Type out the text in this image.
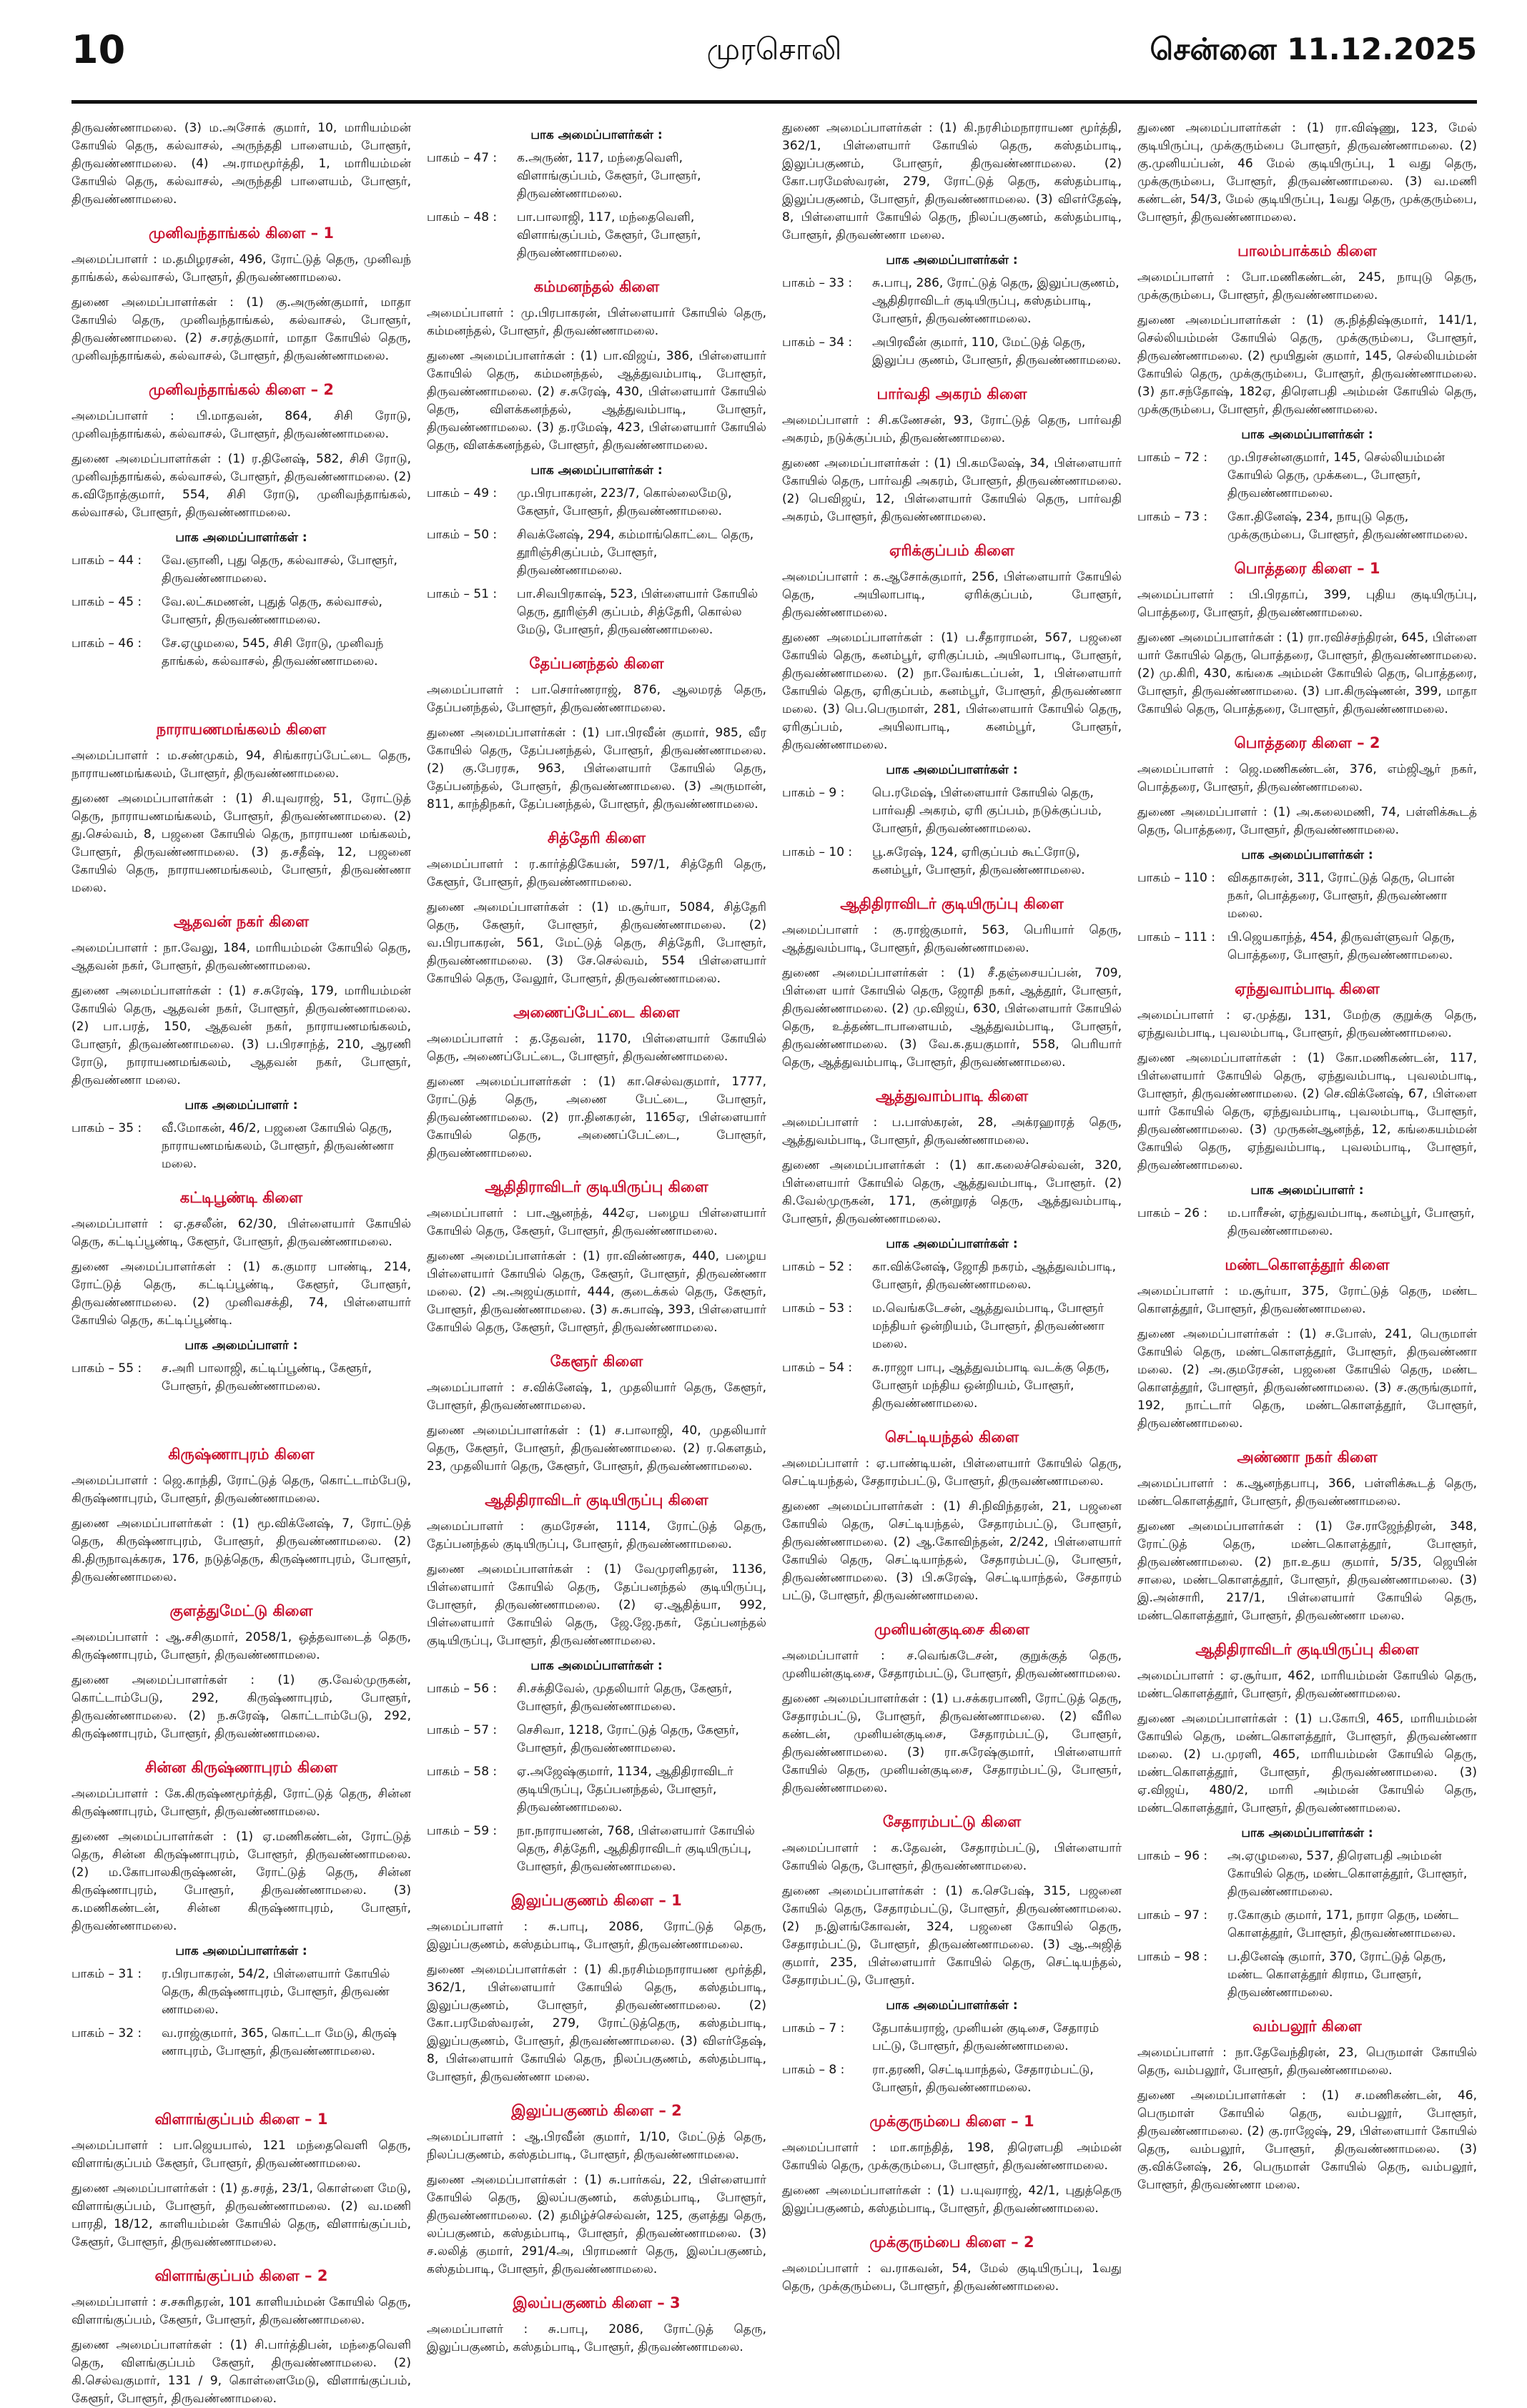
10	முரசொலி	சென்னை 11.12.2025

திருவண்ணாமலை. (3) ம.அசோக் குமார், 10, மாரியம்மன் கோயில் தெரு, கல்வாசல், அருந்ததி பாளையம், போளூர், திருவண்ணாமலை. (4) அ.ராமமூர்த்தி, 1, மாரியம்மன் கோயில் தெரு, கல்வாசல், அருந்ததி பாளையம், போளூர், திருவண்ணாமலை.

முனிவந்தாங்கல் கிளை – 1

அமைப்பாளர் : ம.தமிழரசன், 496, ரோட்டுத் தெரு, முனிவந் தாங்கல், கல்வாசல், போளூர், திருவண்ணாமலை.

துணை அமைப்பாளர்கள் : (1) கு.அருண்குமார், மாதா கோயில் தெரு, முனிவந்தாங்கல், கல்வாசல், போளூர், திருவண்ணாமலை. (2) ச.சரத்குமார், மாதா கோயில் தெரு, முனிவந்தாங்கல், கல்வாசல், போளூர், திருவண்ணாமலை.

முனிவந்தாங்கல் கிளை – 2

அமைப்பாளர் : பி.மாதவன், 864, சிசி ரோடு, முனிவந்தாங்கல், கல்வாசல், போளூர், திருவண்ணாமலை.

துணை அமைப்பாளர்கள் : (1) ர.தினேஷ், 582, சிசி ரோடு, முனிவந்தாங்கல், கல்வாசல், போளூர், திருவண்ணாமலை. (2) க.விநோத்குமார், 554, சிசி ரோடு, முனிவந்தாங்கல், கல்வாசல், போளூர், திருவண்ணாமலை.

பாக அமைப்பாளர்கள் :
பாகம் – 44 :	வே.ஞானி, புது தெரு, கல்வாசல், போளூர், திருவண்ணாமலை.
பாகம் – 45 :	வே.லட்சுமணன், புதுத் தெரு, கல்வாசல், போளூர், திருவண்ணாமலை.
பாகம் – 46 :	சே.ஏழுமலை, 545, சிசி ரோடு, முனிவந் தாங்கல், கல்வாசல், திருவண்ணாமலை.
நாராயணமங்கலம் கிளை

அமைப்பாளர் : ம.சண்முகம், 94, சிங்காரப்பேட்டை தெரு, நாராயணமங்கலம், போளூர், திருவண்ணாமலை.

துணை அமைப்பாளர்கள் : (1) சி.யுவராஜ், 51, ரோட்டுத் தெரு, நாராயணமங்கலம், போளூர், திருவண்ணாமலை. (2) து.செல்வம், 8, பஜனை கோயில் தெரு, நாராயண மங்கலம், போளூர், திருவண்ணாமலை. (3) த.சதீஷ், 12, பஜனை கோயில் தெரு, நாராயணமங்கலம், போளூர், திருவண்ணா மலை.

ஆதவன் நகர் கிளை

அமைப்பாளர் : நா.வேலு, 184, மாரியம்மன் கோயில் தெரு, ஆதவன் நகர், போளூர், திருவண்ணாமலை.

துணை அமைப்பாளர்கள் : (1) ச.சுரேஷ், 179, மாரியம்மன் கோயில் தெரு, ஆதவன் நகர், போளூர், திருவண்ணாமலை. (2) பா.பரத், 150, ஆதவன் நகர், நாராயணமங்கலம், போளூர், திருவண்ணாமலை. (3) ப.பிரசாந்த், 210, ஆரணி ரோடு, நாராயணமங்கலம், ஆதவன் நகர், போளூர், திருவண்ணா மலை.

பாக அமைப்பாளர் :
பாகம் – 35 :	வீ.மோகன், 46/2, பஜனை கோயில் தெரு, நாராயணமங்கலம், போளூர், திருவண்ணா மலை.
கட்டிபூண்டி கிளை

அமைப்பாளர் : ஏ.தசலீன், 62/30, பிள்ளையார் கோயில் தெரு, கட்டிப்பூண்டி, கேளூர், போளூர், திருவண்ணாமலை.

துணை அமைப்பாளர்கள் : (1) க.குமார பாண்டி, 214, ரோட்டுத் தெரு, கட்டிப்பூண்டி, கேளூர், போளூர், திருவண்ணாமலை. (2) முனிவசக்தி, 74, பிள்ளையார் கோயில் தெரு, கட்டிப்பூண்டி.

பாக அமைப்பாளர் :
பாகம் – 55 :	ச.அரி பாலாஜி, கட்டிப்பூண்டி, கேளூர், போளூர், திருவண்ணாமலை.
கிருஷ்ணாபுரம் கிளை

அமைப்பாளர் : ஜெ.காந்தி, ரோட்டுத் தெரு, கொட்டாம்பேடு, கிருஷ்ணாபுரம், போளூர், திருவண்ணாமலை.

துணை அமைப்பாளர்கள் : (1) மூ.விக்னேஷ், 7, ரோட்டுத் தெரு, கிருஷ்ணாபுரம், போளூர், திருவண்ணாமலை. (2) கி.திருநாவுக்கரசு, 176, நடுத்தெரு, கிருஷ்ணாபுரம், போளூர், திருவண்ணாமலை.

குளத்துமேட்டு கிளை

அமைப்பாளர் : ஆ.சசிகுமார், 2058/1, ஒத்தவாடைத் தெரு, கிருஷ்ணாபுரம், போளூர், திருவண்ணாமலை.

துணை அமைப்பாளர்கள் : (1) கு.வேல்முருகன், கொட்டாம்பேடு, 292, கிருஷ்ணாபுரம், போளூர், திருவண்ணாமலை. (2) ந.சுரேஷ், கொட்டாம்பேடு, 292, கிருஷ்ணாபுரம், போளூர், திருவண்ணாமலை.

சின்ன கிருஷ்ணாபுரம் கிளை

அமைப்பாளர் : கே.கிருஷ்ணமூர்த்தி, ரோட்டுத் தெரு, சின்ன கிருஷ்ணாபுரம், போளூர், திருவண்ணாமலை.

துணை அமைப்பாளர்கள் : (1) ஏ.மணிகண்டன், ரோட்டுத் தெரு, சின்ன கிருஷ்ணாபுரம், போளூர், திருவண்ணாமலை. (2) ம.கோபாலகிருஷ்ணன், ரோட்டுத் தெரு, சின்ன கிருஷ்ணாபுரம், போளூர், திருவண்ணாமலை. (3) க.மணிகண்டன், சின்ன கிருஷ்ணாபுரம், போளூர், திருவண்ணாமலை.

பாக அமைப்பாளர்கள் :
பாகம் – 31 :	ர.பிரபாகரன், 54/2, பிள்ளையார் கோயில் தெரு, கிருஷ்ணாபுரம், போளூர், திருவண் ணாமலை.
பாகம் – 32 :	வ.ராஜ்குமார், 365, கொட்டா மேடு, கிருஷ் ணாபுரம், போளூர், திருவண்ணாமலை.
விளாங்குப்பம் கிளை – 1

அமைப்பாளர் : பா.ஜெயபால், 121 மந்தைவெளி தெரு, விளாங்குப்பம் கேளூர், போளூர், திருவண்ணாமலை.

துணை அமைப்பாளர்கள் : (1) த.சரத், 23/1, கொள்ளை மேடு, விளாங்குப்பம், போளூர், திருவண்ணாமலை. (2) வ.மணி பாரதி, 18/12, காளியம்மன் கோயில் தெரு, விளாங்குப்பம், கேளூர், போளூர், திருவண்ணாமலை.

விளாங்குப்பம் கிளை – 2

அமைப்பாளர் : ச.சசுரிதரன், 101 காளியம்மன் கோயில் தெரு, விளாங்குப்பம், கேளூர், போளூர், திருவண்ணாமலை.

துணை அமைப்பாளர்கள் : (1) சி.பார்த்திபன், மந்தைவெளி தெரு, விளங்குப்பம் கேளூர், திருவண்ணாமலை. (2) கி.செல்வகுமார், 131 / 9, கொள்ளைமேடு, விளாங்குப்பம், கேளூர், போளூர், திருவண்ணாமலை.

பாக அமைப்பாளர்கள் :
பாகம் – 47 :	க.அருண், 117, மந்தைவெளி, விளாங்குப்பம், கேளூர், போளூர், திருவண்ணாமலை.
பாகம் – 48 :	பா.பாலாஜி, 117, மந்தைவெளி, விளாங்குப்பம், கேளூர், போளூர், திருவண்ணாமலை.
கம்மனந்தல் கிளை

அமைப்பாளர் : மு.பிரபாகரன், பிள்ளையார் கோயில் தெரு, கம்மனந்தல், போளூர், திருவண்ணாமலை.

துணை அமைப்பாளர்கள் : (1) பா.விஜய், 386, பிள்ளையார் கோயில் தெரு, கம்மனந்தல், ஆத்துவம்பாடி, போளூர், திருவண்ணாமலை. (2) ச.சுரேஷ், 430, பிள்ளையார் கோயில் தெரு, விளக்கனந்தல், ஆத்துவம்பாடி, போளூர், திருவண்ணாமலை. (3) த.ரமேஷ், 423, பிள்ளையார் கோயில் தெரு, விளக்கனந்தல், போளூர், திருவண்ணாமலை.

பாக அமைப்பாளர்கள் :
பாகம் – 49 :	மு.பிரபாகரன், 223/7, கொல்லைமேடு, கேளூர், போளூர், திருவண்ணாமலை.
பாகம் – 50 :	சிவக்னேஷ், 294, கம்மாங்கொட்டை தெரு, தூரிஞ்சிகுப்பம், போளூர், திருவண்ணாமலை.
பாகம் – 51 :	பா.சிவபிரகாஷ், 523, பிள்ளையார் கோயில் தெரு, தூரிஞ்சி குப்பம், சித்தேரி, கொல்ல மேடு, போளூர், திருவண்ணாமலை.
தேப்பனந்தல் கிளை

அமைப்பாளர் : பா.சொர்ணராஜ், 876, ஆலமரத் தெரு, தேப்பனந்தல், போளூர், திருவண்ணாமலை.

துணை அமைப்பாளர்கள் : (1) பா.பிரவீன் குமார், 985, வீர கோயில் தெரு, தேப்பனந்தல், போளூர், திருவண்ணாமலை. (2) கு.பேரரசு, 963, பிள்ளையார் கோயில் தெரு, தேப்பனந்தல், போளூர், திருவண்ணாமலை. (3) அருமான், 811, காந்திநகர், தேப்பனந்தல், போளூர், திருவண்ணாமலை.

சித்தேரி கிளை

அமைப்பாளர் : ர.கார்த்திகேயன், 597/1, சித்தேரி தெரு, கேளூர், போளூர், திருவண்ணாமலை.

துணை அமைப்பாளர்கள் : (1) ம.சூர்யா, 5084, சித்தேரி தெரு, கேளூர், போளூர், திருவண்ணாமலை. (2) வ.பிரபாகரன், 561, மேட்டுத் தெரு, சித்தேரி, போளூர், திருவண்ணாமலை. (3) சே.செல்வம், 554 பிள்ளையார் கோயில் தெரு, வேலூர், போளூர், திருவண்ணாமலை.

அணைப்பேட்டை கிளை

அமைப்பாளர் : த.தேவன், 1170, பிள்ளையார் கோயில் தெரு, அணைப்பேட்டை, போளூர், திருவண்ணாமலை.

துணை அமைப்பாளர்கள் : (1) கா.செல்வகுமார், 1777, ரோட்டுத் தெரு, அணை பேட்டை, போளூர், திருவண்ணாமலை. (2) ரா.தினகரன், 1165ஏ, பிள்ளையார் கோயில் தெரு, அணைப்பேட்டை, போளூர், திருவண்ணாமலை.

ஆதிதிராவிடர் குடியிருப்பு கிளை

அமைப்பாளர் : பா.ஆனந்த், 442ஏ, பழைய பிள்ளையார் கோயில் தெரு, கேளூர், போளூர், திருவண்ணாமலை.

துணை அமைப்பாளர்கள் : (1) ரா.விண்ணரசு, 440, பழைய பிள்ளையார் கோயில் தெரு, கேளூர், போளூர், திருவண்ணா மலை. (2) அ.அஜய்குமார், 444, குடைக்கல் தெரு, கேளூர், போளூர், திருவண்ணாமலை. (3) சு.சுபாஷ், 393, பிள்ளையார் கோயில் தெரு, கேளூர், போளூர், திருவண்ணாமலை.

கேளூர் கிளை

அமைப்பாளர் : ச.விக்னேஷ், 1, முதலியார் தெரு, கேளூர், போளூர், திருவண்ணாமலை.

துணை அமைப்பாளர்கள் : (1) ச.பாலாஜி, 40, முதலியார் தெரு, கேளூர், போளூர், திருவண்ணாமலை. (2) ர.கௌதம், 23, முதலியார் தெரு, கேளூர், போளூர், திருவண்ணாமலை.

ஆதிதிராவிடர் குடியிருப்பு கிளை

அமைப்பாளர் : குமரேசன், 1114, ரோட்டுத் தெரு, தேப்பனந்தல் குடியிருப்பு, போளூர், திருவண்ணாமலை.

துணை அமைப்பாளர்கள் : (1) வேமுரளிதரன், 1136, பிள்ளையார் கோயில் தெரு, தேப்பனந்தல் குடியிருப்பு, போளூர், திருவண்ணாமலை. (2) ஏ.ஆதித்யா, 992, பிள்ளையார் கோயில் தெரு, ஜே.ஜே.நகர், தேப்பனந்தல் குடியிருப்பு, போளூர், திருவண்ணாமலை.

பாக அமைப்பாளர்கள் :
பாகம் – 56 :	சி.சக்திவேல், முதலியார் தெரு, கேளூர், போளூர், திருவண்ணாமலை.
பாகம் – 57 :	செசிவா, 1218, ரோட்டுத் தெரு, கேளூர், போளூர், திருவண்ணாமலை.
பாகம் – 58 :	ஏ.அஜேஷ்குமார், 1134, ஆதிதிராவிடர் குடியிருப்பு, தேப்பனந்தல், போளூர், திருவண்ணாமலை.
பாகம் – 59 :	நா.நாராயணன், 768, பிள்ளையார் கோயில் தெரு, சித்தேரி, ஆதிதிராவிடர் குடியிருப்பு, போளூர், திருவண்ணாமலை.
இலுப்பகுணம் கிளை – 1

அமைப்பாளர் : சு.பாபு, 2086, ரோட்டுத் தெரு, இலுப்பகுணம், கஸ்தம்பாடி, போளூர், திருவண்ணாமலை.

துணை அமைப்பாளர்கள் : (1) கி.நரசிம்மநாராயண மூர்த்தி, 362/1, பிள்ளையார் கோயில் தெரு, கஸ்தம்பாடி, இலுப்பகுணம், போளூர், திருவண்ணாமலை. (2) கோ.பரமேஸ்வரன், 279, ரோட்டுத்தெரு, கஸ்தம்பாடி, இலுப்பகுணம், போளூர், திருவண்ணாமலை. (3) விஎர்தேஷ், 8, பிள்ளையார் கோயில் தெரு, நிலப்பகுணம், கஸ்தம்பாடி, போளூர், திருவண்ணா மலை.

இலுப்பகுணம் கிளை – 2

அமைப்பாளர் : ஆ.பிரவீன் குமார், 1/10, மேட்டுத் தெரு, நிலப்பகுணம், கஸ்தம்பாடி, போளூர், திருவண்ணாமலை.

துணை அமைப்பாளர்கள் : (1) சு.பார்கவ், 22, பிள்ளையார் கோயில் தெரு, இலப்பகுணம், கஸ்தம்பாடி, போளூர், திருவண்ணாமலை. (2) தமிழ்ச்செல்வன், 125, குளத்து தெரு, லப்பகுணம், கஸ்தம்பாடி, போளூர், திருவண்ணாமலை. (3) ச.லலித் குமார், 291/4அ, பிராமணர் தெரு, இலப்பகுணம், கஸ்தம்பாடி, போளூர், திருவண்ணாமலை.

இலப்பகுணம் கிளை – 3

அமைப்பாளர் : சு.பாபு, 2086, ரோட்டுத் தெரு, இலுப்பகுணம், கஸ்தம்பாடி, போளூர், திருவண்ணாமலை.

துணை அமைப்பாளர்கள் : (1) கி.நரசிம்மநாராயண மூர்த்தி, 362/1, பிள்ளையார் கோயில் தெரு, கஸ்தம்பாடி, இலுப்பகுணம், போளூர், திருவண்ணாமலை. (2) கோ.பரமேஸ்வரன், 279, ரோட்டுத் தெரு, கஸ்தம்பாடி, இலுப்பகுணம், போளூர், திருவண்ணாமலை. (3) விஎர்தேஷ், 8, பிள்ளையார் கோயில் தெரு, நிலப்பகுணம், கஸ்தம்பாடி, போளூர், திருவண்ணா மலை.

பாக அமைப்பாளர்கள் :
பாகம் – 33 :	சு.பாபு, 286, ரோட்டுத் தெரு, இலுப்பகுணம், ஆதிதிராவிடர் குடியிருப்பு, கஸ்தம்பாடி, போளூர், திருவண்ணாமலை.
பாகம் – 34 :	அபிரவீன் குமார், 110, மேட்டுத் தெரு, இலுப்ப குணம், போளூர், திருவண்ணாமலை.
பார்வதி அகரம் கிளை

அமைப்பாளர் : சி.கணேசன், 93, ரோட்டுத் தெரு, பார்வதி அகரம், நடுக்குப்பம், திருவண்ணாமலை.

துணை அமைப்பாளர்கள் : (1) பி.கமலேஷ், 34, பிள்ளையார் கோயில் தெரு, பார்வதி அகரம், போளூர், திருவண்ணாமலை. (2) பெவிஜய், 12, பிள்ளையார் கோயில் தெரு, பார்வதி அகரம், போளூர், திருவண்ணாமலை.

ஏரிக்குப்பம் கிளை

அமைப்பாளர் : க.ஆசோக்குமார், 256, பிள்ளையார் கோயில் தெரு, அயிலாபாடி, ஏரிக்குப்பம், போளூர், திருவண்ணாமலை.

துணை அமைப்பாளர்கள் : (1) ப.சீதாராமன், 567, பஜனை கோயில் தெரு, கனம்பூர், ஏரிகுப்பம், அயிலாபாடி, போளூர், திருவண்ணாமலை. (2) நா.வேங்கடப்பன், 1, பிள்ளையார் கோயில் தெரு, ஏரிகுப்பம், கனம்பூர், போளூர், திருவண்ணா மலை. (3) பெ.பெருமாள், 281, பிள்ளையார் கோயில் தெரு, ஏரிகுப்பம், அயிலாபாடி, கனம்பூர், போளூர், திருவண்ணாமலை.

பாக அமைப்பாளர்கள் :
பாகம் – 9 :	பெ.ரமேஷ், பிள்ளையார் கோயில் தெரு, பார்வதி அகரம், ஏரி குப்பம், நடுக்குப்பம், போளூர், திருவண்ணாமலை.
பாகம் – 10 :	பூ.சுரேஷ், 124, ஏரிகுப்பம் கூட்ரோடு, கனம்பூர், போளூர், திருவண்ணாமலை.
ஆதிதிராவிடர் குடியிருப்பு கிளை

அமைப்பாளர் : கு.ராஜ்குமார், 563, பெரியார் தெரு, ஆத்துவம்பாடி, போளூர், திருவண்ணாமலை.

துணை அமைப்பாளர்கள் : (1) சீ.தஞ்சையப்பன், 709, பிள்ளை யார் கோயில் தெரு, ஜோதி நகர், ஆத்தூர், போளூர், திருவண்ணாமலை. (2) மு.விஜய், 630, பிள்ளையார் கோயில் தெரு, உத்தண்டாபாளையம், ஆத்துவம்பாடி, போளூர், திருவண்ணாமலை. (3) வே.க.தயகுமார், 558, பெரியார் தெரு, ஆத்துவம்பாடி, போளூர், திருவண்ணாமலை.

ஆத்துவாம்பாடி கிளை

அமைப்பாளர் : ப.பாஸ்கரன், 28, அக்ரஹாரத் தெரு, ஆத்துவம்பாடி, போளூர், திருவண்ணாமலை.

துணை அமைப்பாளர்கள் : (1) கா.கலைச்செல்வன், 320, பிள்ளையார் கோயில் தெரு, ஆத்துவம்பாடி, போளூர். (2) கி.வேல்முருகன், 171, குன்றுரத் தெரு, ஆத்துவம்பாடி, போளூர், திருவண்ணாமலை.

பாக அமைப்பாளர்கள் :
பாகம் – 52 :	கா.விக்னேஷ், ஜோதி நகரம், ஆத்துவம்பாடி, போளூர், திருவண்ணாமலை.
பாகம் – 53 :	ம.வெங்கடேசன், ஆத்துவம்பாடி, போளூர் மந்தியர் ஒன்றியம், போளூர், திருவண்ணா மலை.
பாகம் – 54 :	சு.ராஜா பாபு, ஆத்துவம்பாடி வடக்கு தெரு, போளூர் மந்திய ஒன்றியம், போளூர், திருவண்ணாமலை.
செட்டியந்தல் கிளை

அமைப்பாளர் : ஏ.பாண்டியன், பிள்ளையார் கோயில் தெரு, செட்டியந்தல், சேதாரம்பட்டு, போளூர், திருவண்ணாமலை.

துணை அமைப்பாளர்கள் : (1) சி.நிவிந்தரன், 21, பஜனை கோயில் தெரு, செட்டியந்தல், சேதாரம்பட்டு, போளூர், திருவண்ணாமலை. (2) ஆ.கோவிந்தன், 2/242, பிள்ளையார் கோயில் தெரு, செட்டியாந்தல், சேதாரம்பட்டு, போளூர், திருவண்ணாமலை. (3) பி.சுரேஷ், செட்டியாந்தல், சேதாரம் பட்டு, போளூர், திருவண்ணாமலை.

முனியன்குடிசை கிளை

அமைப்பாளர் : ச.வெங்கடேசன், குறுக்குத் தெரு, முனியன்குடிசை, சேதாரம்பட்டு, போளூர், திருவண்ணாமலை.

துணை அமைப்பாளர்கள் : (1) ப.சக்கரபாணி, ரோட்டுத் தெரு, சேதாரம்பட்டு, போளூர், திருவண்ணாமலை. (2) வீரில கண்டன், முனியன்குடிசை, சேதாரம்பட்டு, போளூர், திருவண்ணாமலை. (3) ரா.சுரேஷ்குமார், பிள்ளையார் கோயில் தெரு, முனியன்குடிசை, சேதாரம்பட்டு, போளூர், திருவண்ணாமலை.

சேதாரம்பட்டு கிளை

அமைப்பாளர் : க.தேவன், சேதாரம்பட்டு, பிள்ளையார் கோயில் தெரு, போளூர், திருவண்ணாமலை.

துணை அமைப்பாளர்கள் : (1) க.செபேஷ், 315, பஜனை கோயில் தெரு, சேதாரம்பட்டு, போளூர், திருவண்ணாமலை. (2) ந.இளங்கோவன், 324, பஜனை கோயில் தெரு, சேதாரம்பட்டு, போளூர், திருவண்ணாமலை. (3) ஆ.அஜித் குமார், 235, பிள்ளையார் கோயில் தெரு, செட்டியந்தல், சேதாரம்பட்டு, போளூர்.

பாக அமைப்பாளர்கள் :
பாகம் – 7 :	தேபாக்யராஜ், முனியன் குடிசை, சேதாரம் பட்டு, போளூர், திருவண்ணாமலை.
பாகம் – 8 :	ரா.தரணி, செட்டியாந்தல், சேதாரம்பட்டு, போளூர், திருவண்ணாமலை.
முக்குரும்பை கிளை – 1

அமைப்பாளர் : மா.காந்தித், 198, திரௌபதி அம்மன் கோயில் தெரு, முக்குரும்பை, போளூர், திருவண்ணாமலை.

துணை அமைப்பாளர்கள் : (1) ப.யுவராஜ், 42/1, புதுத்தெரு இலுப்பகுணம், கஸ்தம்பாடி, போளூர், திருவண்ணாமலை.

முக்குரும்பை கிளை – 2

அமைப்பாளர் : வ.ராகவன், 54, மேல் குடியிருப்பு, 1வது தெரு, முக்குரும்பை, போளூர், திருவண்ணாமலை.

துணை அமைப்பாளர்கள் : (1) ரா.விஷ்ணு, 123, மேல் குடியிருப்பு, முக்குரும்பை போளூர், திருவண்ணாமலை. (2) கு.முனியப்பன், 46 மேல் குடியிருப்பு, 1 வது தெரு, முக்குரும்பை, போளூர், திருவண்ணாமலை. (3) வ.மணி கண்டன், 54/3, மேல் குடியிருப்பு, 1வது தெரு, முக்குரும்பை, போளூர், திருவண்ணாமலை.

பாலம்பாக்கம் கிளை

அமைப்பாளர் : போ.மணிகண்டன், 245, நாயுடு தெரு, முக்குரும்பை, போளூர், திருவண்ணாமலை.

துணை அமைப்பாளர்கள் : (1) கு.நித்திஷ்குமார், 141/1, செல்லியம்மன் கோயில் தெரு, முக்குரும்பை, போளூர், திருவண்ணாமலை. (2) மூயிதுன் குமார், 145, செல்லியம்மன் கோயில் தெரு, முக்குரும்பை, போளூர், திருவண்ணாமலை. (3) தா.சந்தோஷ், 182ஏ, திரௌபதி அம்மன் கோயில் தெரு, முக்குரும்பை, போளூர், திருவண்ணாமலை.

பாக அமைப்பாளர்கள் :
பாகம் – 72 :	மு.பிரசன்னகுமார், 145, செல்லியம்மன் கோயில் தெரு, முக்கடை, போளூர், திருவண்ணாமலை.
பாகம் – 73 :	கோ.தினேஷ், 234, நாயுடு தெரு, முக்குரும்பை, போளூர், திருவண்ணாமலை.
பொத்தரை கிளை – 1

அமைப்பாளர் : பி.பிரதாப், 399, புதிய குடியிருப்பு, பொத்தரை, போளூர், திருவண்ணாமலை.

துணை அமைப்பாளர்கள் : (1) ரா.ரவிச்சந்திரன், 645, பிள்ளை யார் கோயில் தெரு, பொத்தரை, போளூர், திருவண்ணாமலை. (2) மு.கிரி, 430, கங்கை அம்மன் கோயில் தெரு, பொத்தரை, போளூர், திருவண்ணாமலை. (3) பா.கிருஷ்ணன், 399, மாதா கோயில் தெரு, பொத்தரை, போளூர், திருவண்ணாமலை.

பொத்தரை கிளை – 2

அமைப்பாளர் : ஜெ.மணிகண்டன், 376, எம்ஜிஆர் நகர், பொத்தரை, போளூர், திருவண்ணாமலை.

துணை அமைப்பாளர் : (1) அ.கலைமணி, 74, பள்ளிக்கூடத் தெரு, பொத்தரை, போளூர், திருவண்ணாமலை.

பாக அமைப்பாளர்கள் :
பாகம் – 110 :	விகதாசுரன், 311, ரோட்டுத் தெரு, பொன் நகர், பொத்தரை, போளூர், திருவண்ணா மலை.
பாகம் – 111 :	பி.ஜெயகாந்த், 454, திருவள்ளுவர் தெரு, பொத்தரை, போளூர், திருவண்ணாமலை.
ஏந்துவாம்பாடி கிளை

அமைப்பாளர் : ஏ.முத்து, 131, மேற்கு குறுக்கு தெரு, ஏந்துவம்பாடி, புவலம்பாடி, போளூர், திருவண்ணாமலை.

துணை அமைப்பாளர்கள் : (1) கோ.மணிகண்டன், 117, பிள்ளையார் கோயில் தெரு, ஏந்துவம்பாடி, புவலம்பாடி, போளூர், திருவண்ணாமலை. (2) செ.விக்னேஷ், 67, பிள்ளை யார் கோயில் தெரு, ஏந்துவம்பாடி, புவலம்பாடி, போளூர், திருவண்ணாமலை. (3) முருகன்ஆனந்த், 12, கங்கையம்மன் கோயில் தெரு, ஏந்துவம்பாடி, புவலம்பாடி, போளூர், திருவண்ணாமலை.

பாக அமைப்பாளர் :
பாகம் – 26 :	ம.பாரீசன், ஏந்துவம்பாடி, கனம்பூர், போளூர், திருவண்ணாமலை.
மண்டகொளத்தூர் கிளை

அமைப்பாளர் : ம.சூர்யா, 375, ரோட்டுத் தெரு, மண்ட கொளத்தூர், போளூர், திருவண்ணாமலை.

துணை அமைப்பாளர்கள் : (1) ச.போஸ், 241, பெருமாள் கோயில் தெரு, மண்டகொளத்தூர், போளூர், திருவண்ணா மலை. (2) அ.குமரேசன், பஜனை கோயில் தெரு, மண்ட கொளத்தூர், போளூர், திருவண்ணாமலை. (3) ச.குருங்குமார், 192, நாட்டார் தெரு, மண்டகொளத்தூர், போளூர், திருவண்ணாமலை.

அண்ணா நகர் கிளை

அமைப்பாளர் : க.ஆனந்தபாபு, 366, பள்ளிக்கூடத் தெரு, மண்டகொளத்தூர், போளூர், திருவண்ணாமலை.

துணை அமைப்பாளர்கள் : (1) சே.ராஜேந்திரன், 348, ரோட்டுத் தெரு, மண்டகொளத்தூர், போளூர், திருவண்ணாமலை. (2) நா.உதய குமார், 5/35, ஜெயின் சாலை, மண்டகொளத்தூர், போளூர், திருவண்ணாமலை. (3) இ.அன்சாரி, 217/1, பிள்ளையார் கோயில் தெரு, மண்டகொளத்தூர், போளூர், திருவண்ணா மலை.

ஆதிதிராவிடர் குடியிருப்பு கிளை

அமைப்பாளர் : ஏ.சூர்யா, 462, மாரியம்மன் கோயில் தெரு, மண்டகொளத்தூர், போளூர், திருவண்ணாமலை.

துணை அமைப்பாளர்கள் : (1) ப.கோபி, 465, மாரியம்மன் கோயில் தெரு, மண்டகொளத்தூர், போளூர், திருவண்ணா மலை. (2) ப.முரளி, 465, மாரியம்மன் கோயில் தெரு, மண்டகொளத்தூர், போளூர், திருவண்ணாமலை. (3) ஏ.விஜய், 480/2, மாரி அம்மன் கோயில் தெரு, மண்டகொளத்தூர், போளூர், திருவண்ணாமலை.

பாக அமைப்பாளர்கள் :
பாகம் – 96 :	அ.ஏழுமலை, 537, திரௌபதி அம்மன் கோயில் தெரு, மண்டகொளத்தூர், போளூர், திருவண்ணாமலை.
பாகம் – 97 :	ர.கோகும் குமார், 171, நாரா தெரு, மண்ட கொளத்தூர், போளூர், திருவண்ணாமலை.
பாகம் – 98 :	ப.தினேஷ் குமார், 370, ரோட்டுத் தெரு, மண்ட கொளத்தூர் கிராம, போளூர், திருவண்ணாமலை.
வம்பலூர் கிளை

அமைப்பாளர் : நா.தேவேந்திரன், 23, பெருமாள் கோயில் தெரு, வம்பலூர், போளூர், திருவண்ணாமலை.

துணை அமைப்பாளர்கள் : (1) ச.மணிகண்டன், 46, பெருமாள் கோயில் தெரு, வம்பலூர், போளூர், திருவண்ணாமலை. (2) கு.ராஜேஷ், 29, பிள்ளையார் கோயில் தெரு, வம்பலூர், போளூர், திருவண்ணாமலை. (3) கு.விக்னேஷ், 26, பெருமாள் கோயில் தெரு, வம்பலூர், போளூர், திருவண்ணா மலை.
